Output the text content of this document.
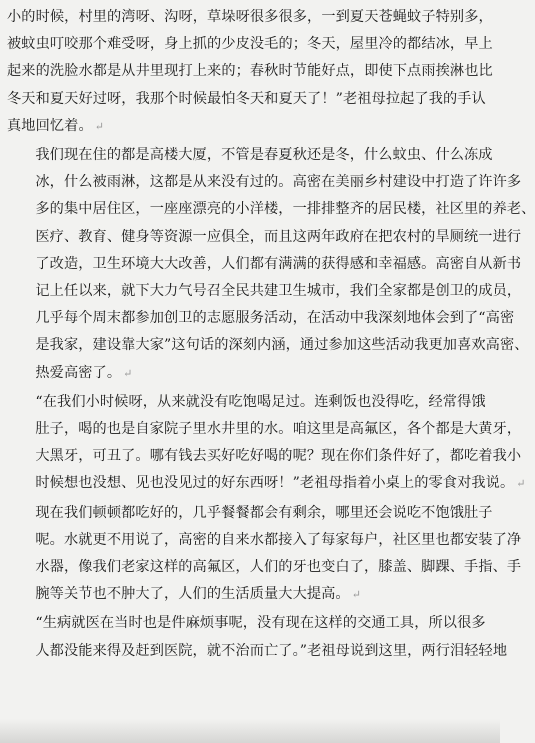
小的时候，村里的湾呀、沟呀，草垛呀很多很多，一到夏天苍蝇蚊子特别多，
被蚊虫叮咬那个难受呀，身上抓的少皮没毛的；冬天，屋里冷的都结冰，早上
起来的洗脸水都是从井里现打上来的；春秋时节能好点，即使下点雨挨淋也比
冬天和夏天好过呀，我那个时候最怕冬天和夏天了！”老祖母拉起了我的手认
真地回忆着。 ↵

我们现在住的都是高楼大厦，不管是春夏秋还是冬，什么蚊虫、什么冻成
冰，什么被雨淋，这都是从来没有过的。高密在美丽乡村建设中打造了许许多
多的集中居住区，一座座漂亮的小洋楼，一排排整齐的居民楼，社区里的养老、
医疗、教育、健身等资源一应俱全，而且这两年政府在把农村的旱厕统一进行
了改造，卫生环境大大改善，人们都有满满的获得感和幸福感。高密自从新书
记上任以来，就下大力气号召全民共建卫生城市，我们全家都是创卫的成员，
几乎每个周末都参加创卫的志愿服务活动，在活动中我深刻地体会到了“高密
是我家，建设靠大家”这句话的深刻内涵，通过参加这些活动我更加喜欢高密、
热爱高密了。 ↵

“在我们小时候呀，从来就没有吃饱喝足过。连剩饭也没得吃，经常得饿
肚子，喝的也是自家院子里水井里的水。咱这里是高氟区，各个都是大黄牙，
大黑牙，可丑了。哪有钱去买好吃好喝的呢？现在你们条件好了，都吃着我小
时候想也没想、见也没见过的好东西呀！”老祖母指着小桌上的零食对我说。 ↵

现在我们顿顿都吃好的，几乎餐餐都会有剩余，哪里还会说吃不饱饿肚子
呢。水就更不用说了，高密的自来水都接入了每家每户，社区里也都安装了净
水器，像我们老家这样的高氟区，人们的牙也变白了，膝盖、脚踝、手指、手
腕等关节也不肿大了，人们的生活质量大大提高。 ↵

“生病就医在当时也是件麻烦事呢，没有现在这样的交通工具，所以很多
人都没能来得及赶到医院，就不治而亡了。”老祖母说到这里，两行泪轻轻地
